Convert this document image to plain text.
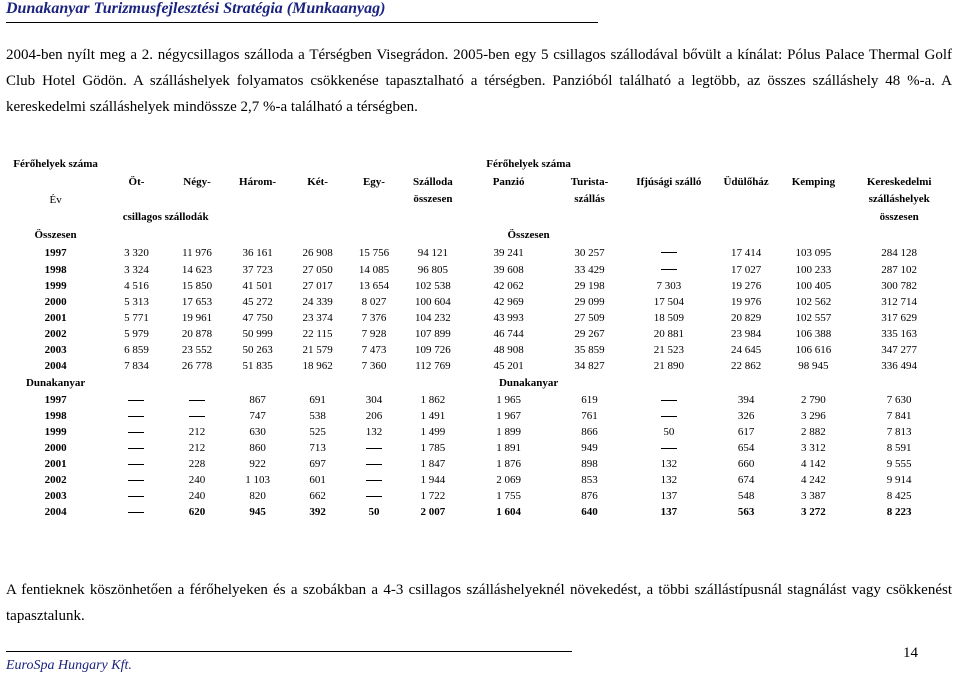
Dunakanyar Turizmusfejlesztési Stratégia (Munkaanyag)
2004-ben nyílt meg a 2. négycsillagos szálloda a Térségben Visegrádon. 2005-ben egy 5 csillagos szállodával bővült a kínálat: Pólus Palace Thermal Golf Club Hotel Gödön. A szálláshelyek folyamatos csökkenése tapasztalható a térségben. Panzióból található a legtöbb, az összes szálláshely 48 %-a. A kereskedelmi szálláshelyek mindössze 2,7 %-a található a térségben.
Férőhelyek száma	Férőhelyek száma											
Év	Öt-	Négy-	Három-	Két-	Egy-	Szálloda	Panzió	Turista-	Ifjúsági szálló	Üdülőház	Kemping	Kereskedelmi
						összesen		szállás				szálláshelyek
	csillagos szállodák											összesen
Összesen	Összesen											
1997	3 320	11 976	36 161	26 908	15 756	94 121	39 241	30 257		17 414	103 095	284 128
1998	3 324	14 623	37 723	27 050	14 085	96 805	39 608	33 429		17 027	100 233	287 102
1999	4 516	15 850	41 501	27 017	13 654	102 538	42 062	29 198	7 303	19 276	100 405	300 782
2000	5 313	17 653	45 272	24 339	8 027	100 604	42 969	29 099	17 504	19 976	102 562	312 714
2001	5 771	19 961	47 750	23 374	7 376	104 232	43 993	27 509	18 509	20 829	102 557	317 629
2002	5 979	20 878	50 999	22 115	7 928	107 899	46 744	29 267	20 881	23 984	106 388	335 163
2003	6 859	23 552	50 263	21 579	7 473	109 726	48 908	35 859	21 523	24 645	106 616	347 277
2004	7 834	26 778	51 835	18 962	7 360	112 769	45 201	34 827	21 890	22 862	98 945	336 494
Dunakanyar	Dunakanyar											
1997			867	691	304	1 862	1 965	619		394	2 790	7 630
1998			747	538	206	1 491	1 967	761		326	3 296	7 841
1999		212	630	525	132	1 499	1 899	866	50	617	2 882	7 813
2000		212	860	713		1 785	1 891	949		654	3 312	8 591
2001		228	922	697		1 847	1 876	898	132	660	4 142	9 555
2002		240	1 103	601		1 944	2 069	853	132	674	4 242	9 914
2003		240	820	662		1 722	1 755	876	137	548	3 387	8 425
2004		620	945	392	50	2 007	1 604	640	137	563	3 272	8 223
A fentieknek köszönhetően a férőhelyeken és a szobákban a 4-3 csillagos szálláshelyeknél növekedést, a többi szállástípusnál stagnálást vagy csökkenést tapasztalunk.
14
EuroSpa Hungary Kft.
